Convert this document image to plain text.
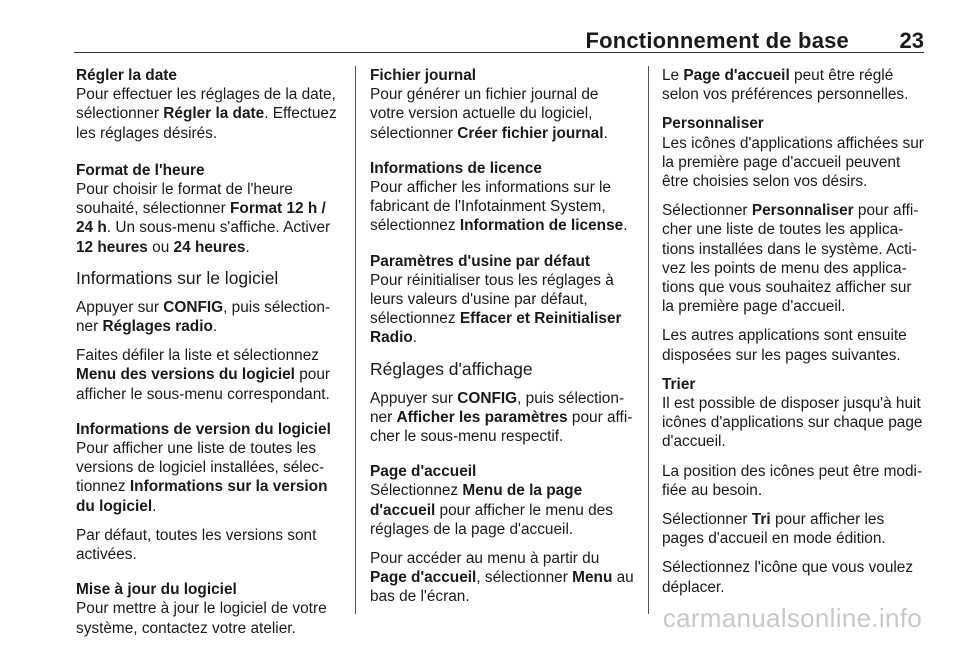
Fonctionnement de base 23

Régler la date
Pour effectuer les réglages de la date, sélectionner Régler la date. Effectuez les réglages désirés.

Format de l'heure
Pour choisir le format de l'heure souhaité, sélectionner Format 12 h / 24 h. Un sous-menu s'affiche. Activer 12 heures ou 24 heures.

Informations sur le logiciel

Appuyer sur CONFIG, puis sélectionner Réglages radio.

Faites défiler la liste et sélectionnez Menu des versions du logiciel pour afficher le sous-menu correspondant.

Informations de version du logiciel
Pour afficher une liste de toutes les versions de logiciel installées, sélectionnez Informations sur la version du logiciel.

Par défaut, toutes les versions sont activées.

Mise à jour du logiciel
Pour mettre à jour le logiciel de votre système, contactez votre atelier.

Fichier journal
Pour générer un fichier journal de votre version actuelle du logiciel, sélectionner Créer fichier journal.

Informations de licence
Pour afficher les informations sur le fabricant de l'Infotainment System, sélectionnez Information de license.

Paramètres d'usine par défaut
Pour réinitialiser tous les réglages à leurs valeurs d'usine par défaut, sélectionnez Effacer et Reinitialiser Radio.

Réglages d'affichage

Appuyer sur CONFIG, puis sélectionner Afficher les paramètres pour afficher le sous-menu respectif.

Page d'accueil
Sélectionnez Menu de la page d'accueil pour afficher le menu des réglages de la page d'accueil.

Pour accéder au menu à partir du Page d'accueil, sélectionner Menu au bas de l'écran.

Le Page d'accueil peut être réglé selon vos préférences personnelles.

Personnaliser
Les icônes d'applications affichées sur la première page d'accueil peuvent être choisies selon vos désirs.

Sélectionner Personnaliser pour afficher une liste de toutes les applications installées dans le système. Activez les points de menu des applications que vous souhaitez afficher sur la première page d'accueil.

Les autres applications sont ensuite disposées sur les pages suivantes.

Trier
Il est possible de disposer jusqu'à huit icônes d'applications sur chaque page d'accueil.

La position des icônes peut être modifiée au besoin.

Sélectionner Tri pour afficher les pages d'accueil en mode édition.

Sélectionnez l'icône que vous voulez déplacer.

carmanualsonline.info
